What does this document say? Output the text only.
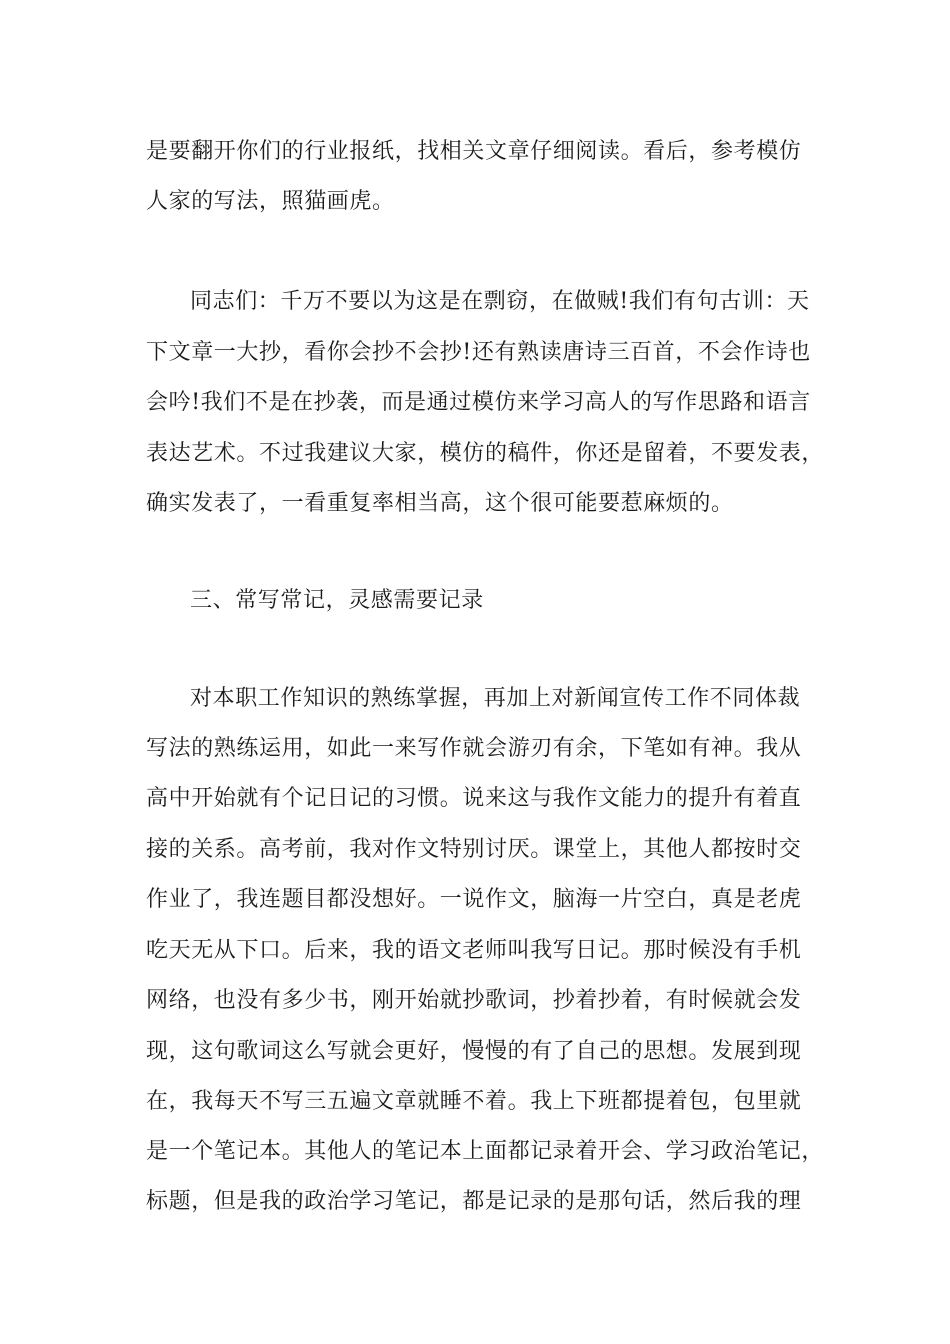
是要翻开你们的行业报纸，找相关文章仔细阅读。看后，参考模仿
人家的写法，照猫画虎。
同志们：千万不要以为这是在剽窃，在做贼!我们有句古训：天
下文章一大抄，看你会抄不会抄!还有熟读唐诗三百首，不会作诗也
会吟!我们不是在抄袭，而是通过模仿来学习高人的写作思路和语言
表达艺术。不过我建议大家，模仿的稿件，你还是留着，不要发表，
确实发表了，一看重复率相当高，这个很可能要惹麻烦的。
三、常写常记，灵感需要记录
对本职工作知识的熟练掌握，再加上对新闻宣传工作不同体裁
写法的熟练运用，如此一来写作就会游刃有余，下笔如有神。我从
高中开始就有个记日记的习惯。说来这与我作文能力的提升有着直
接的关系。高考前，我对作文特别讨厌。课堂上，其他人都按时交
作业了，我连题目都没想好。一说作文，脑海一片空白，真是老虎
吃天无从下口。后来，我的语文老师叫我写日记。那时候没有手机
网络，也没有多少书，刚开始就抄歌词，抄着抄着，有时候就会发
现，这句歌词这么写就会更好，慢慢的有了自己的思想。发展到现
在，我每天不写三五遍文章就睡不着。我上下班都提着包，包里就
是一个笔记本。其他人的笔记本上面都记录着开会、学习政治笔记，
标题，但是我的政治学习笔记，都是记录的是那句话，然后我的理
